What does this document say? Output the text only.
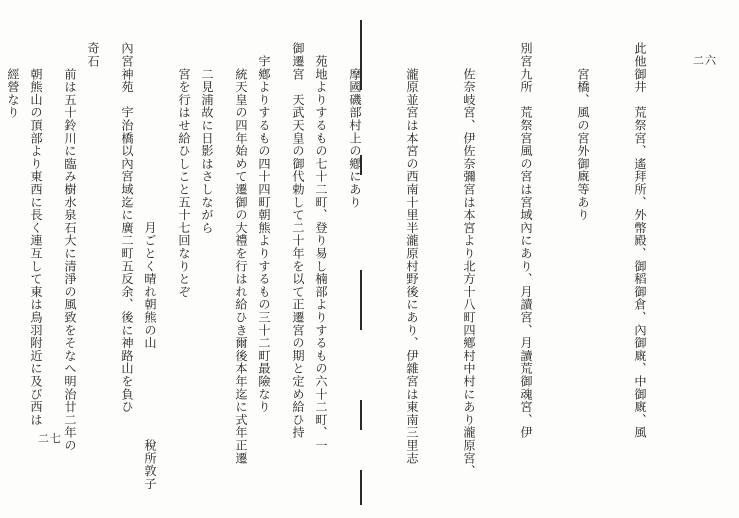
二六

此他御井　荒祭宮、遙拜所、外幣殿、御稻御倉、內御廐、中御廐、風

　　宮橋、風の宮外御廐等あり

別宮九所　荒祭宮風の宮は宮域內にあり、月讀宮、月讀荒御魂宮、伊

　　佐奈岐宮、伊佐奈彌宮は本宮より北方十八町四鄕村中村にあり瀧原宮、

　　瀧原並宮は本宮の西南十里半瀧原村野後にあり、伊雜宮は東南三里志

　　摩國磯部村上の鄕にあり

御遷宮　天武天皇の御代勅して二十年を以て正遷宮の期と定め給ひ持

　　統天皇の四年始めて遷御の大禮を行はれ給ひき爾後本年迄に式年正遷

　　宮を行はせ給ひしこと五十七回なりとぞ

內宮神苑　宇治橋以內宮域迄に廣二町五反余、後に神路山を負ひ

　　前は五十鈴川に臨み樹水泉石大に清淨の風致をそなへ明治廿二年の

　　經營なり

二七

	　苑地よりするもの七十二町、登り易し楠部よりするもの六十二町、一

　宇鄕よりするもの四十四町朝熊よりするもの三十二町最險なり

　　二見浦故に日影はさしながら

　　　　　　　　　　　　　　月ごとく晴れ朝熊の山　　　　　　　稅所敦子

奇石　　　

　　朝熊山の頂部より東西に長く連互して東は鳥羽附近に及び西は
